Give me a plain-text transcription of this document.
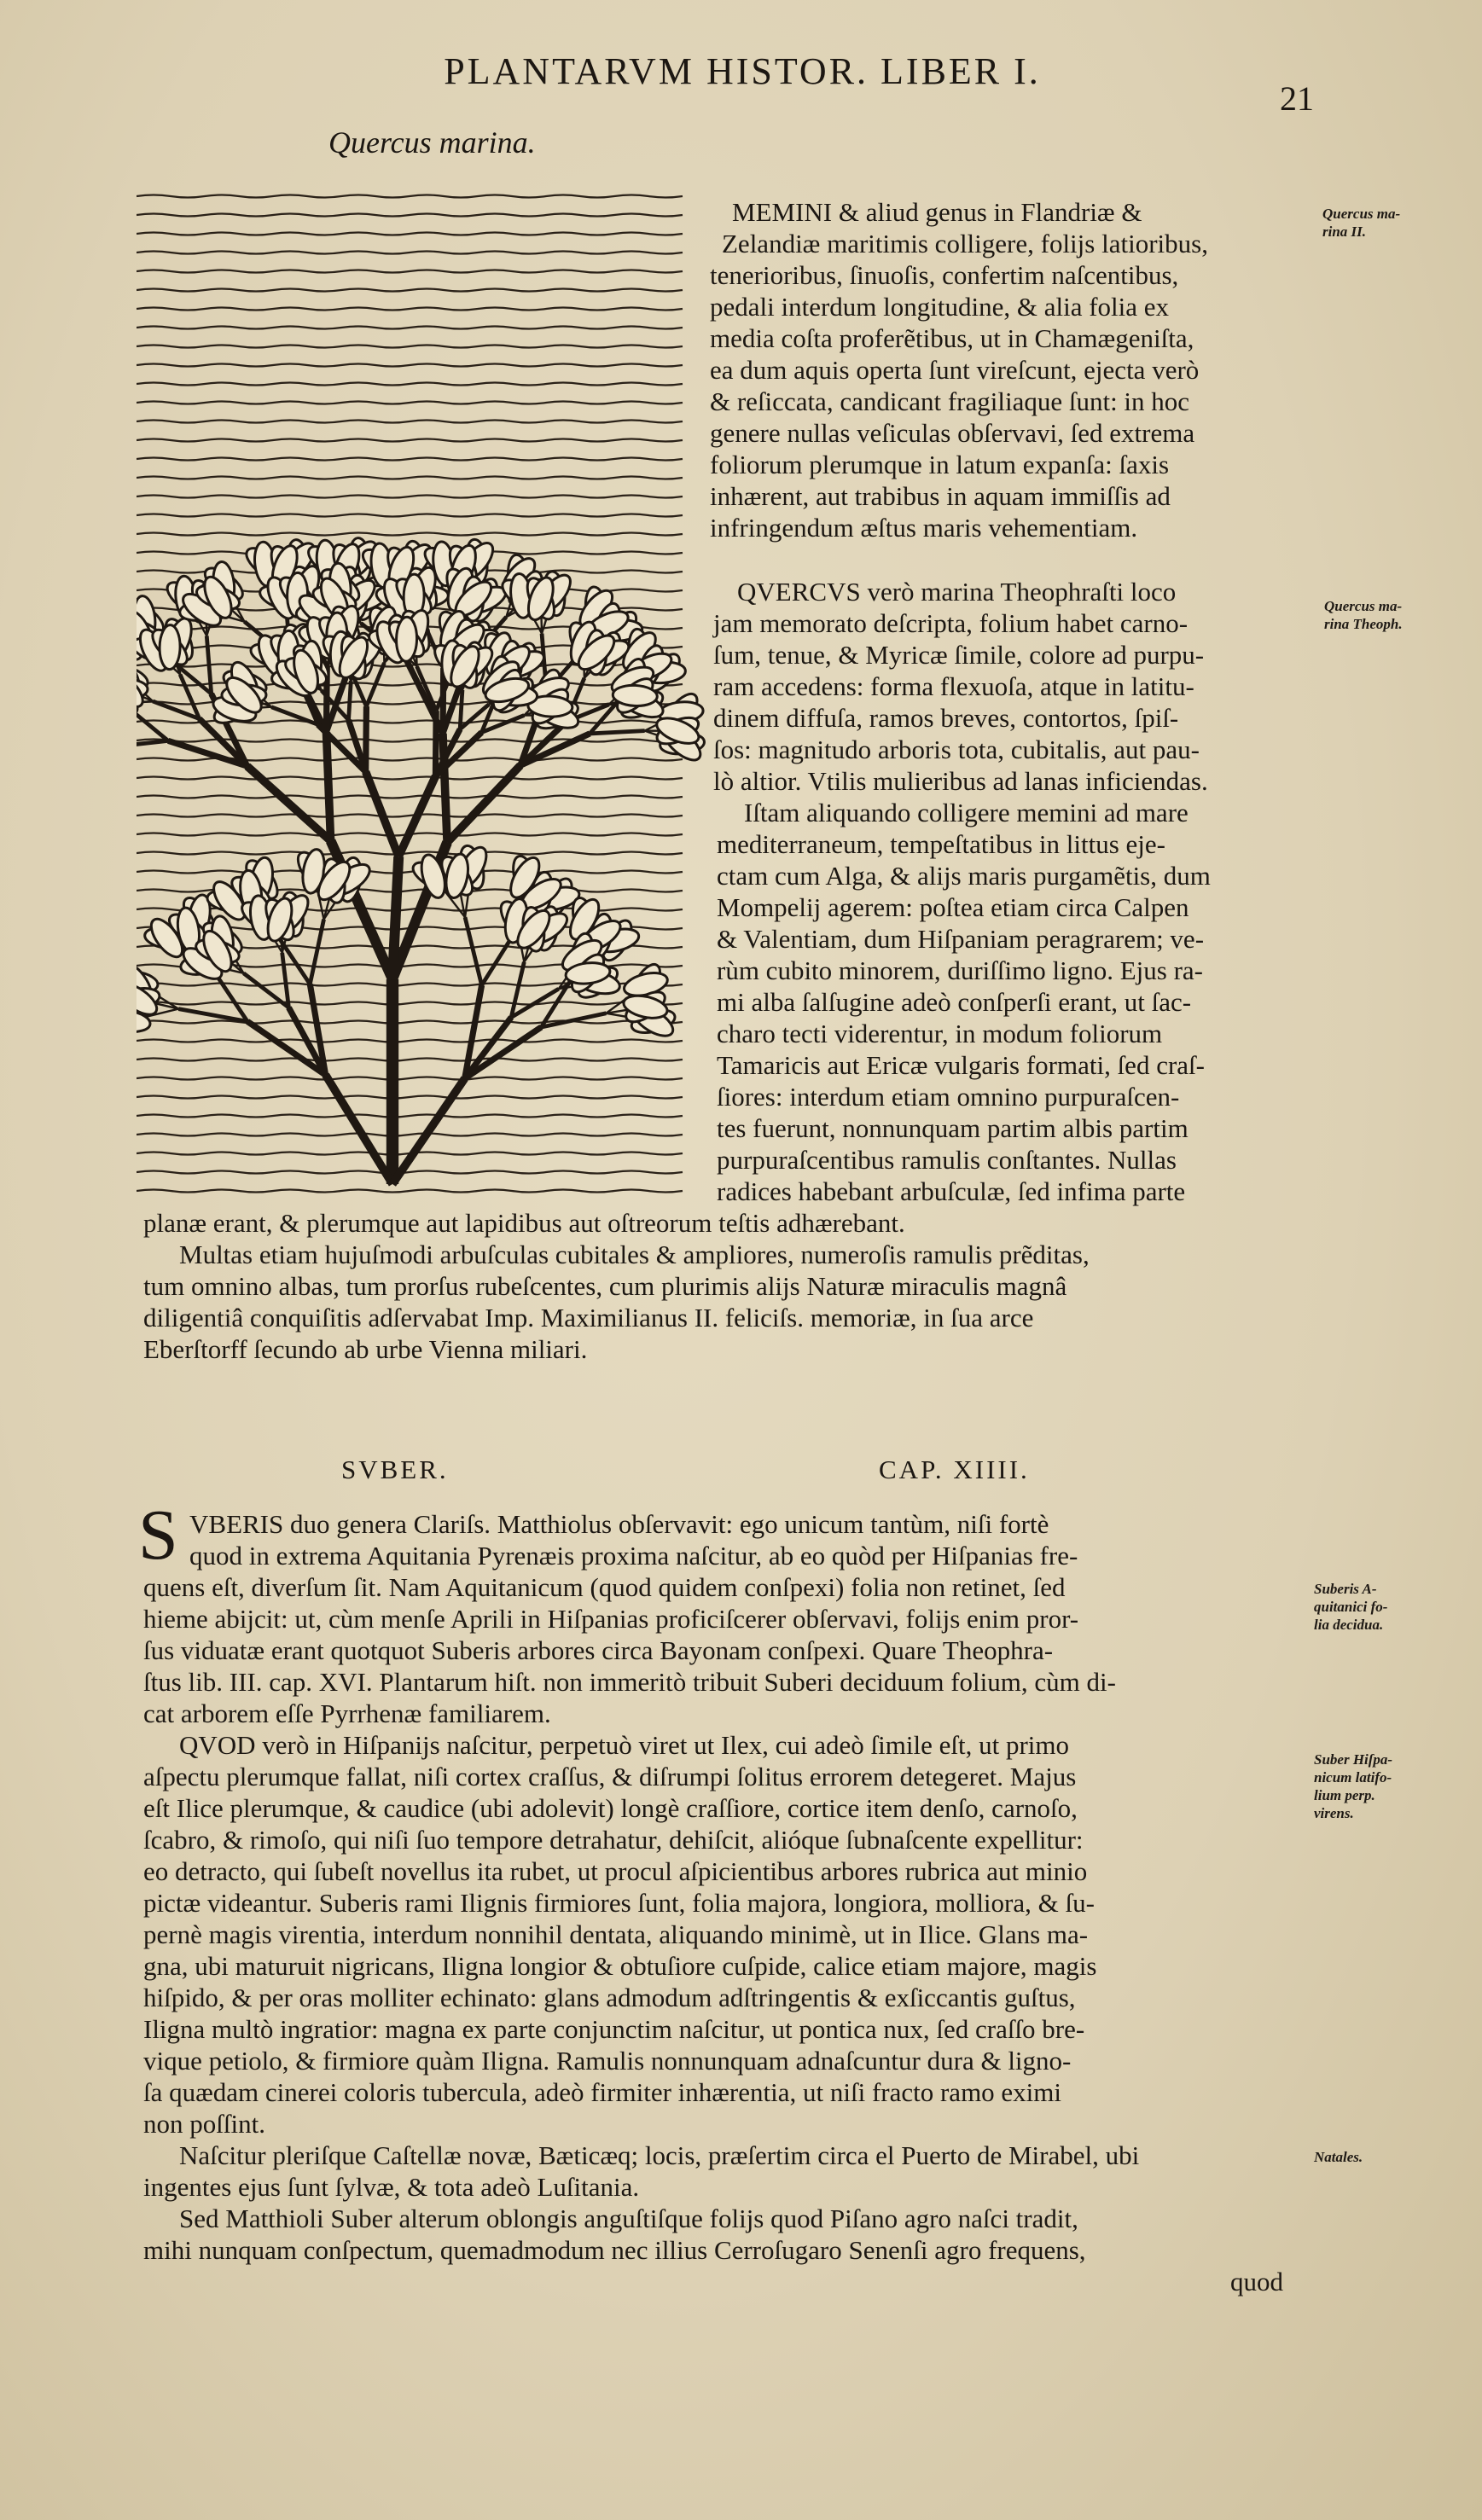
PLANTARVM HISTOR. LIBER I.
21
Quercus marina.
MEMINI & aliud genus in Flandriæ &
Zelandiæ maritimis colligere, folijs latioribus,
tenerioribus, ſinuoſis, confertim naſcentibus,
pedali interdum longitudine, & alia folia ex
media coſta proferẽtibus, ut in Chamægeniſta,
ea dum aquis operta ſunt vireſcunt, ejecta verò
& reſiccata, candicant fragiliaque ſunt: in hoc
genere nullas veſiculas obſervavi, ſed extrema
foliorum plerumque in latum expanſa: ſaxis
inhærent, aut trabibus in aquam immiſſis ad
infringendum æſtus maris vehementiam.
QVERCVS verò marina Theophraſti loco
jam memorato deſcripta, folium habet carno-
ſum, tenue, & Myricæ ſimile, colore ad purpu-
ram accedens: forma flexuoſa, atque in latitu-
dinem diffuſa, ramos breves, contortos, ſpiſ-
ſos: magnitudo arboris tota, cubitalis, aut pau-
lò altior. Vtilis mulieribus ad lanas inficiendas.
Iſtam aliquando colligere memini ad mare
mediterraneum, tempeſtatibus in littus eje-
ctam cum Alga, & alijs maris purgamẽtis, dum
Mompelij agerem: poſtea etiam circa Calpen
& Valentiam, dum Hiſpaniam peragrarem; ve-
rùm cubito minorem, duriſſimo ligno. Ejus ra-
mi alba ſalſugine adeò conſperſi erant, ut ſac-
charo tecti viderentur, in modum foliorum
Tamaricis aut Ericæ vulgaris formati, ſed craſ-
ſiores: interdum etiam omnino purpuraſcen-
tes fuerunt, nonnunquam partim albis partim
purpuraſcentibus ramulis conſtantes. Nullas
radices habebant arbuſculæ, ſed infima parte
planæ erant, & plerumque aut lapidibus aut oſtreorum teſtis adhærebant.
Multas etiam hujuſmodi arbuſculas cubitales & ampliores, numeroſis ramulis prẽditas,
tum omnino albas, tum prorſus rubeſcentes, cum plurimis alijs Naturæ miraculis magnâ
diligentiâ conquiſitis adſervabat Imp. Maximilianus II. feliciſs. memoriæ, in ſua arce
Eberſtorff ſecundo ab urbe Vienna miliari.
SVBER.	CAP. XIIII.
S VBERIS duo genera Clariſs. Matthiolus obſervavit: ego unicum tantùm, niſi fortè
quod in extrema Aquitania Pyrenæis proxima naſcitur, ab eo quòd per Hiſpanias fre-
quens eſt, diverſum ſit. Nam Aquitanicum (quod quidem conſpexi) folia non retinet, ſed
hieme abijcit: ut, cùm menſe Aprili in Hiſpanias proficiſcerer obſervavi, folijs enim pror-
ſus viduatæ erant quotquot Suberis arbores circa Bayonam conſpexi. Quare Theophra-
ſtus lib. III. cap. XVI. Plantarum hiſt. non immeritò tribuit Suberi deciduum folium, cùm di-
cat arborem eſſe Pyrrhenæ familiarem.
QVOD verò in Hiſpanijs naſcitur, perpetuò viret ut Ilex, cui adeò ſimile eſt, ut primo
aſpectu plerumque fallat, niſi cortex craſſus, & diſrumpi ſolitus errorem detegeret. Majus
eſt Ilice plerumque, & caudice (ubi adolevit) longè craſſiore, cortice item denſo, carnoſo,
ſcabro, & rimoſo, qui niſi ſuo tempore detrahatur, dehiſcit, alióque ſubnaſcente expellitur:
eo detracto, qui ſubeſt novellus ita rubet, ut procul aſpicientibus arbores rubrica aut minio
pictæ videantur. Suberis rami Ilignis firmiores ſunt, folia majora, longiora, molliora, & ſu-
pernè magis virentia, interdum nonnihil dentata, aliquando minimè, ut in Ilice. Glans ma-
gna, ubi maturuit nigricans, Iligna longior & obtuſiore cuſpide, calice etiam majore, magis
hiſpido, & per oras molliter echinato: glans admodum adſtringentis & exſiccantis guſtus,
Iligna multò ingratior: magna ex parte conjunctim naſcitur, ut pontica nux, ſed craſſo bre-
vique petiolo, & firmiore quàm Iligna. Ramulis nonnunquam adnaſcuntur dura & ligno-
ſa quædam cinerei coloris tubercula, adeò firmiter inhærentia, ut niſi fracto ramo eximi
non poſſint.
Naſcitur pleriſque Caſtellæ novæ, Bæticæq; locis, præſertim circa el Puerto de Mirabel, ubi
ingentes ejus ſunt ſylvæ, & tota adeò Luſitania.
Sed Matthioli Suber alterum oblongis anguſtiſque folijs quod Piſano agro naſci tradit,
mihi nunquam conſpectum, quemadmodum nec illius Cerroſugaro Senenſi agro frequens,
quod
Quercus ma-
rina II.
Quercus ma-
rina Theoph.
Suberis A-
quitanici fo-
lia decidua.
Suber Hiſpa-
nicum latifo-
lium perp.
virens.
Natales.
